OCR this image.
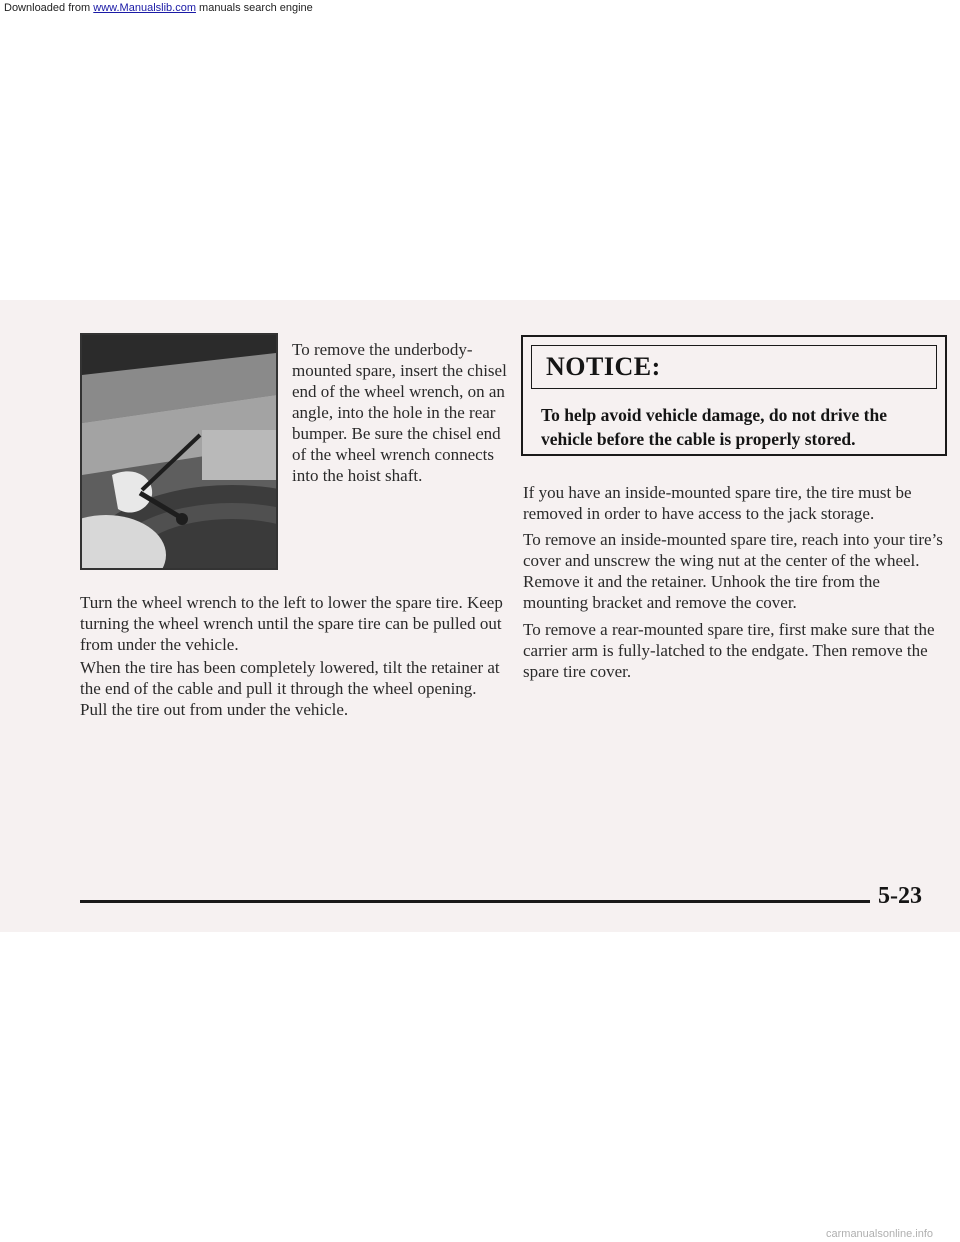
Downloaded from www.Manualslib.com manuals search engine

To remove the underbody-mounted spare, insert the chisel end of the wheel wrench, on an angle, into the hole in the rear bumper. Be sure the chisel end of the wheel wrench connects into the hoist shaft.

Turn the wheel wrench to the left to lower the spare tire. Keep turning the wheel wrench until the spare tire can be pulled out from under the vehicle.

When the tire has been completely lowered, tilt the retainer at the end of the cable and pull it through the wheel opening. Pull the tire out from under the vehicle.

NOTICE:

To help avoid vehicle damage, do not drive the vehicle before the cable is properly stored.

If you have an inside-mounted spare tire, the tire must be removed in order to have access to the jack storage.

To remove an inside-mounted spare tire, reach into your tire’s cover and unscrew the wing nut at the center of the wheel. Remove it and the retainer. Unhook the tire from the mounting bracket and remove the cover.

To remove a rear-mounted spare tire, first make sure that the carrier arm is fully-latched to the endgate. Then remove the spare tire cover.

5-23
carmanualsonline.info
